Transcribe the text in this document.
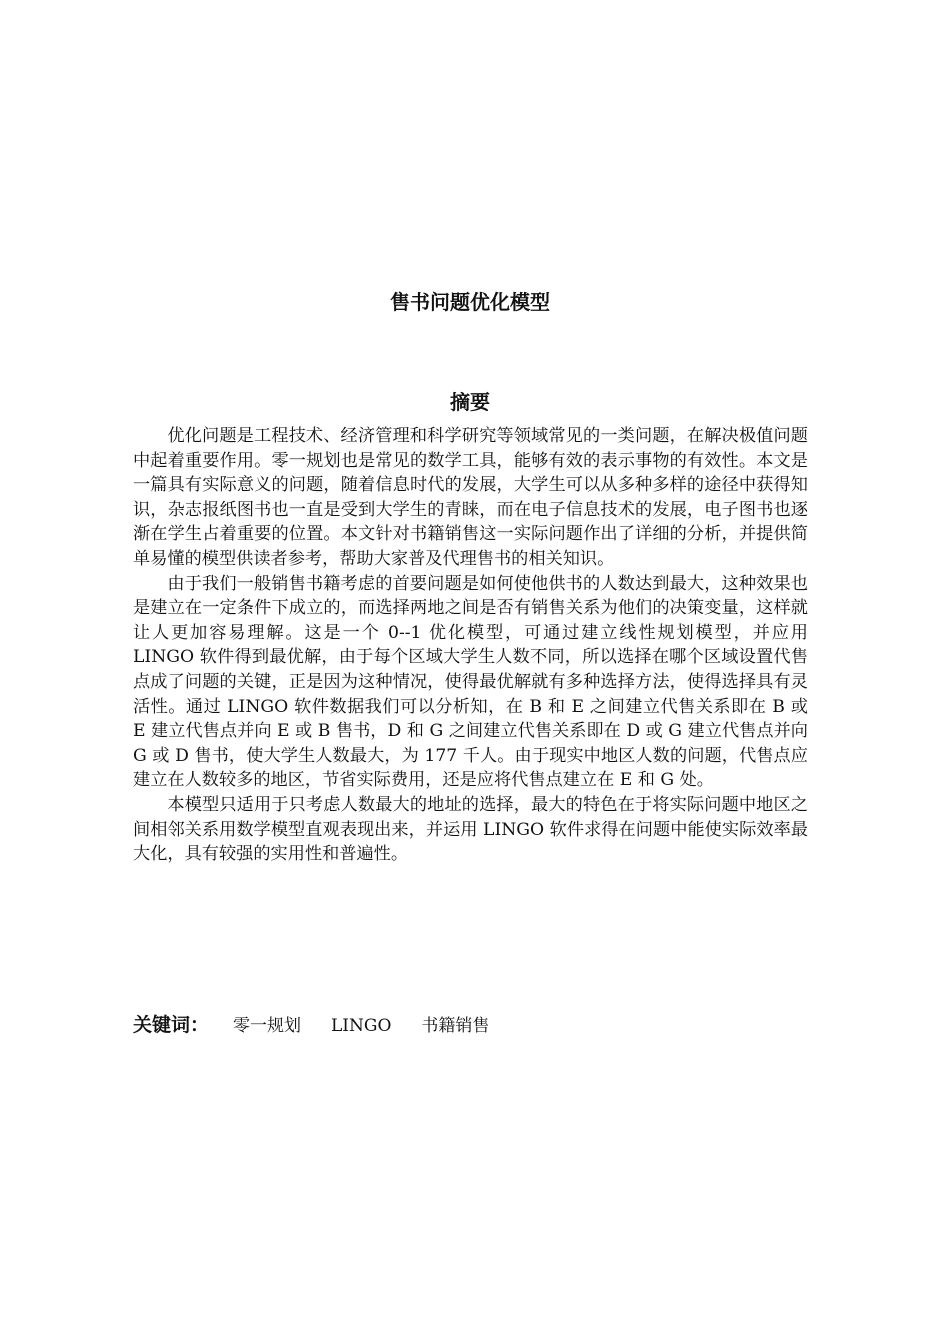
售书问题优化模型
摘要

优化问题是工程技术、经济管理和科学研究等领域常见的一类问题，在解决极值问题中起着重要作用。零一规划也是常见的数学工具，能够有效的表示事物的有效性。本文是一篇具有实际意义的问题，随着信息时代的发展，大学生可以从多种多样的途径中获得知识，杂志报纸图书也一直是受到大学生的青睐，而在电子信息技术的发展，电子图书也逐渐在学生占着重要的位置。本文针对书籍销售这一实际问题作出了详细的分析，并提供简单易懂的模型供读者参考，帮助大家普及代理售书的相关知识。

由于我们一般销售书籍考虑的首要问题是如何使他供书的人数达到最大，这种效果也是建立在一定条件下成立的，而选择两地之间是否有销售关系为他们的决策变量，这样就让人更加容易理解。这是一个 0--1 优化模型，可通过建立线性规划模型，并应用 LINGO 软件得到最优解，由于每个区域大学生人数不同，所以选择在哪个区域设置代售点成了问题的关键，正是因为这种情况，使得最优解就有多种选择方法，使得选择具有灵活性。通过 LINGO 软件数据我们可以分析知，在 B 和 E 之间建立代售关系即在 B 或 E 建立代售点并向 E 或 B 售书，D 和 G 之间建立代售关系即在 D 或 G 建立代售点并向 G 或 D 售书，使大学生人数最大，为 177 千人。由于现实中地区人数的问题，代售点应建立在人数较多的地区，节省实际费用，还是应将代售点建立在 E 和 G 处。

本模型只适用于只考虑人数最大的地址的选择，最大的特色在于将实际问题中地区之间相邻关系用数学模型直观表现出来，并运用 LINGO 软件求得在问题中能使实际效率最大化，具有较强的实用性和普遍性。

关键词： 零一规划 LINGO 书籍销售
